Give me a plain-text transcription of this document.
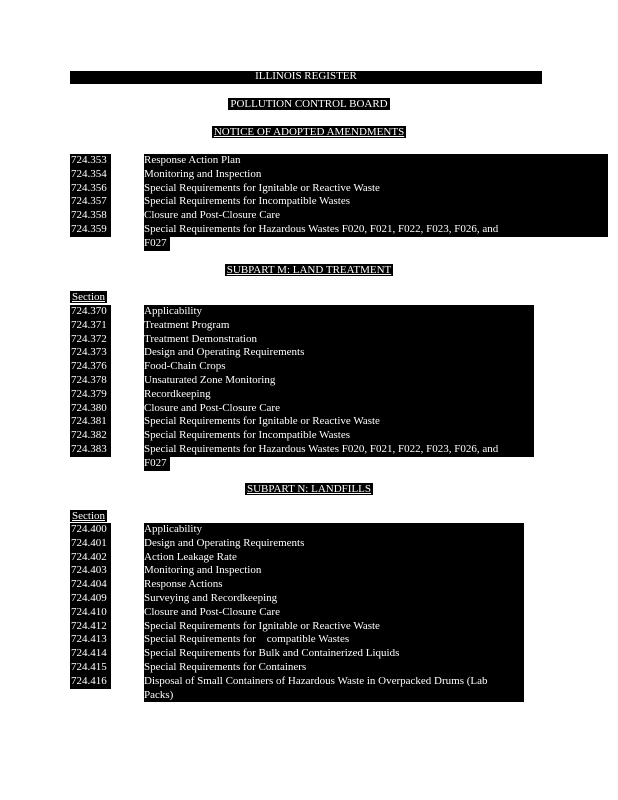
ILLINOIS REGISTER
POLLUTION CONTROL BOARD
NOTICE OF ADOPTED AMENDMENTS
724.353	Response Action Plan
724.354	Monitoring and Inspection
724.356	Special Requirements for Ignitable or Reactive Waste
724.357	Special Requirements for Incompatible Wastes
724.358	Closure and Post-Closure Care
724.359	Special Requirements for Hazardous Wastes F020, F021, F022, F023, F026, and
F027
SUBPART M: LAND TREATMENT
Section
724.370	Applicability
724.371	Treatment Program
724.372	Treatment Demonstration
724.373	Design and Operating Requirements
724.376	Food-Chain Crops
724.378	Unsaturated Zone Monitoring
724.379	Recordkeeping
724.380	Closure and Post-Closure Care
724.381	Special Requirements for Ignitable or Reactive Waste
724.382	Special Requirements for Incompatible Wastes
724.383	Special Requirements for Hazardous Wastes F020, F021, F022, F023, F026, and
F027
SUBPART N: LANDFILLS
Section
724.400	Applicability
724.401	Design and Operating Requirements
724.402	Action Leakage Rate
724.403	Monitoring and Inspection
724.404	Response Actions
724.409	Surveying and Recordkeeping
724.410	Closure and Post-Closure Care
724.412	Special Requirements for Ignitable or Reactive Waste
724.413	Special Requirements for    compatible Wastes
724.414	Special Requirements for Bulk and Containerized Liquids
724.415	Special Requirements for Containers
724.416	Disposal of Small Containers of Hazardous Waste in Overpacked Drums (Lab
Packs)
